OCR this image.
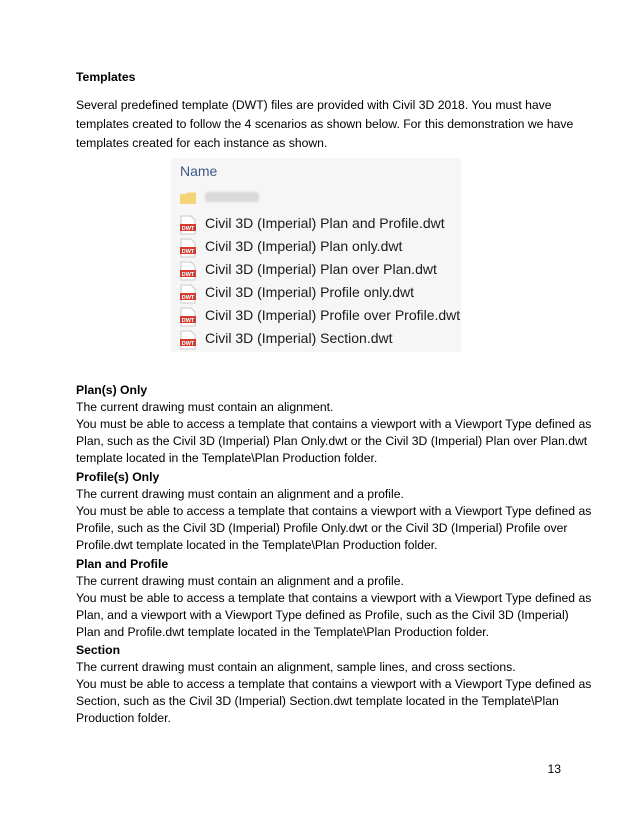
Templates
Several predefined template (DWT) files are provided with Civil 3D 2018. You must have
templates created to follow the 4 scenarios as shown below. For this demonstration we have
templates created for each instance as shown.
Name
DWT Civil 3D (Imperial) Plan and Profile.dwt
DWT Civil 3D (Imperial) Plan only.dwt
DWT Civil 3D (Imperial) Plan over Plan.dwt
DWT Civil 3D (Imperial) Profile only.dwt
DWT Civil 3D (Imperial) Profile over Profile.dwt
DWT Civil 3D (Imperial) Section.dwt
Plan(s) Only
The current drawing must contain an alignment.
You must be able to access a template that contains a viewport with a Viewport Type defined as
Plan, such as the Civil 3D (Imperial) Plan Only.dwt or the Civil 3D (Imperial) Plan over Plan.dwt
template located in the Template\Plan Production folder.
Profile(s) Only
The current drawing must contain an alignment and a profile.
You must be able to access a template that contains a viewport with a Viewport Type defined as
Profile, such as the Civil 3D (Imperial) Profile Only.dwt or the Civil 3D (Imperial) Profile over
Profile.dwt template located in the Template\Plan Production folder.
Plan and Profile
The current drawing must contain an alignment and a profile.
You must be able to access a template that contains a viewport with a Viewport Type defined as
Plan, and a viewport with a Viewport Type defined as Profile, such as the Civil 3D (Imperial)
Plan and Profile.dwt template located in the Template\Plan Production folder.
Section
The current drawing must contain an alignment, sample lines, and cross sections.
You must be able to access a template that contains a viewport with a Viewport Type defined as
Section, such as the Civil 3D (Imperial) Section.dwt template located in the Template\Plan
Production folder.
13
